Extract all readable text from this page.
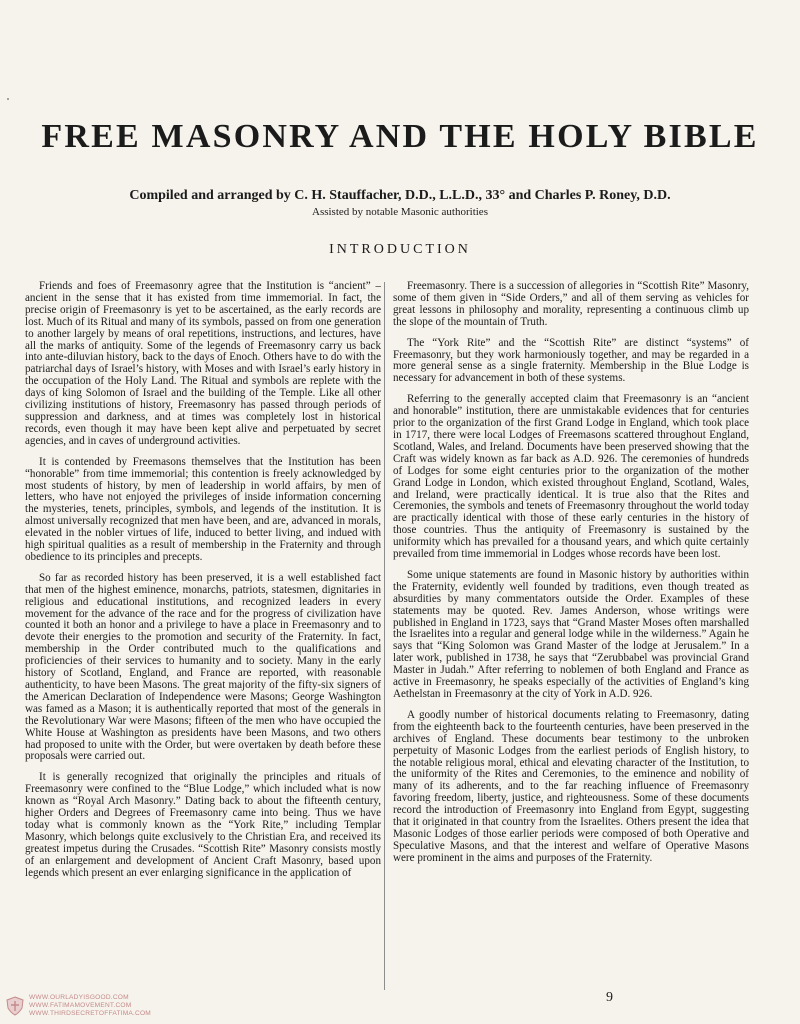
FREE MASONRY AND THE HOLY BIBLE

Compiled and arranged by C. H. Stauffacher, D.D., L.L.D., 33° and Charles P. Roney, D.D.

Assisted by notable Masonic authorities

INTRODUCTION

Friends and foes of Freemasonry agree that the Institution is “ancient” – ancient in the sense that it has existed from time immemorial. In fact, the precise origin of Freemasonry is yet to be ascertained, as the early records are lost. Much of its Ritual and many of its symbols, passed on from one generation to another largely by means of oral repetitions, instructions, and lectures, have all the marks of antiquity. Some of the legends of Freemasonry carry us back into ante-diluvian history, back to the days of Enoch. Others have to do with the patriarchal days of Israel’s history, with Moses and with Israel’s early history in the occupation of the Holy Land. The Ritual and symbols are replete with the days of king Solomon of Israel and the building of the Temple. Like all other civilizing institutions of history, Freemasonry has passed through periods of suppression and darkness, and at times was completely lost in historical records, even though it may have been kept alive and perpetuated by secret agencies, and in caves of underground activities.

It is contended by Freemasons themselves that the Institution has been “honorable” from time immemorial; this contention is freely acknowledged by most students of history, by men of leadership in world affairs, by men of letters, who have not enjoyed the privileges of inside information concerning the mysteries, tenets, principles, symbols, and legends of the institution. It is almost universally recognized that men have been, and are, advanced in morals, elevated in the nobler virtues of life, induced to better living, and indued with high spiritual qualities as a result of membership in the Fraternity and through obedience to its principles and precepts.

So far as recorded history has been preserved, it is a well established fact that men of the highest eminence, monarchs, patriots, statesmen, dignitaries in religious and educational institutions, and recognized leaders in every movement for the advance of the race and for the progress of civilization have counted it both an honor and a privilege to have a place in Freemasonry and to devote their energies to the promotion and security of the Fraternity. In fact, membership in the Order contributed much to the qualifications and proficiencies of their services to humanity and to society. Many in the early history of Scotland, England, and France are reported, with reasonable authenticity, to have been Masons. The great majority of the fifty-six signers of the American Declaration of Independence were Masons; George Washington was famed as a Mason; it is authentically reported that most of the generals in the Revolutionary War were Masons; fifteen of the men who have occupied the White House at Washington as presidents have been Masons, and two others had proposed to unite with the Order, but were overtaken by death before these proposals were carried out.

It is generally recognized that originally the principles and rituals of Freemasonry were confined to the “Blue Lodge,” which included what is now known as “Royal Arch Masonry.” Dating back to about the fifteenth century, higher Orders and Degrees of Freemasonry came into being. Thus we have today what is commonly known as the “York Rite,” including Templar Masonry, which belongs quite exclusively to the Christian Era, and received its greatest impetus during the Crusades. “Scottish Rite” Masonry consists mostly of an enlargement and development of Ancient Craft Masonry, based upon legends which present an ever enlarging significance in the application of

Freemasonry. There is a succession of allegories in “Scottish Rite” Masonry, some of them given in “Side Orders,” and all of them serving as vehicles for great lessons in philosophy and morality, representing a continuous climb up the slope of the mountain of Truth.

The “York Rite” and the “Scottish Rite” are distinct “systems” of Freemasonry, but they work harmoniously together, and may be regarded in a more general sense as a single fraternity. Membership in the Blue Lodge is necessary for advancement in both of these systems.

Referring to the generally accepted claim that Freemasonry is an “ancient and honorable” institution, there are unmistakable evidences that for centuries prior to the organization of the first Grand Lodge in England, which took place in 1717, there were local Lodges of Freemasons scattered throughout England, Scotland, Wales, and Ireland. Documents have been preserved showing that the Craft was widely known as far back as A.D. 926. The ceremonies of hundreds of Lodges for some eight centuries prior to the organization of the mother Grand Lodge in London, which existed throughout England, Scotland, Wales, and Ireland, were practically identical. It is true also that the Rites and Ceremonies, the symbols and tenets of Freemasonry throughout the world today are practically identical with those of these early centuries in the history of those countries. Thus the antiquity of Freemasonry is sustained by the uniformity which has prevailed for a thousand years, and which quite certainly prevailed from time immemorial in Lodges whose records have been lost.

Some unique statements are found in Masonic history by authorities within the Fraternity, evidently well founded by traditions, even though treated as absurdities by many commentators outside the Order. Examples of these statements may be quoted. Rev. James Anderson, whose writings were published in England in 1723, says that “Grand Master Moses often marshalled the Israelites into a regular and general lodge while in the wilderness.” Again he says that “King Solomon was Grand Master of the lodge at Jerusalem.” In a later work, published in 1738, he says that “Zerubbabel was provincial Grand Master in Judah.” After referring to noblemen of both England and France as active in Freemasonry, he speaks especially of the activities of England’s king Aethelstan in Freemasonry at the city of York in A.D. 926.

A goodly number of historical documents relating to Freemasonry, dating from the eighteenth back to the fourteenth centuries, have been preserved in the archives of England. These documents bear testimony to the unbroken perpetuity of Masonic Lodges from the earliest periods of English history, to the notable religious moral, ethical and elevating character of the Institution, to the uniformity of the Rites and Ceremonies, to the eminence and nobility of many of its adherents, and to the far reaching influence of Freemasonry favoring freedom, liberty, justice, and righteousness. Some of these documents record the introduction of Freemasonry into England from Egypt, suggesting that it originated in that country from the Israelites. Others present the idea that Masonic Lodges of those earlier periods were composed of both Operative and Speculative Masons, and that the interest and welfare of Operative Masons were prominent in the aims and purposes of the Fraternity.

9

WWW.OURLADYISGOOD.COM
WWW.FATIMAMOVEMENT.COM
WWW.THIRDSECRETOFFATIMA.COM
